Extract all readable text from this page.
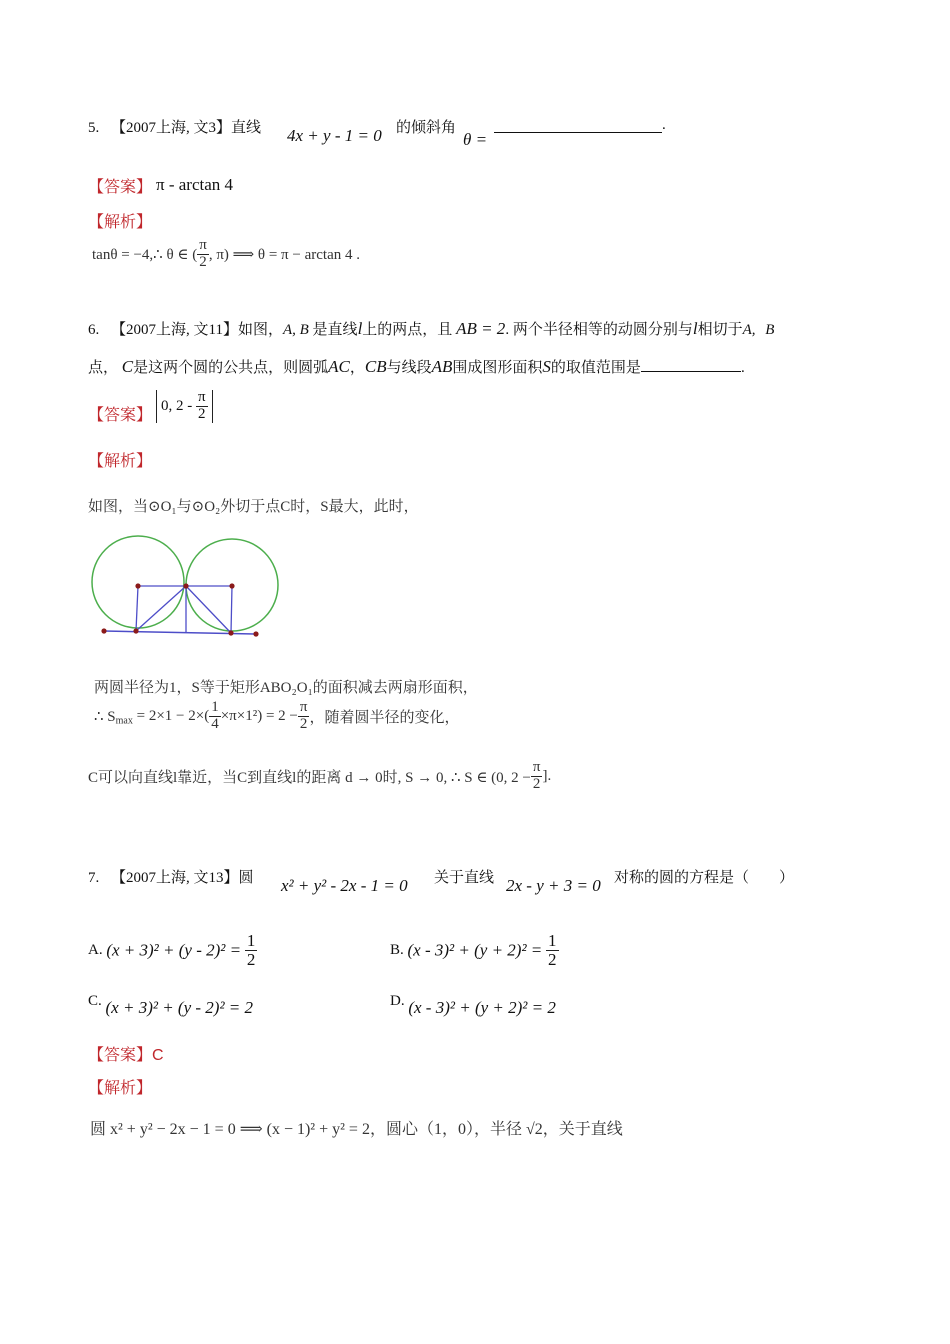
5. 【2007上海, 文3】直线 4x + y - 1 = 0 的倾斜角
θ =
.
【答案】 π - arctan 4
【解析】
tanθ = −4,∴ θ ∈ ( $\frac{\pi}{2}$ , π) ⟹ θ = π − arctan 4 .
6. 【2007上海, 文11】如图，A, B 是直线l上的两点，且 AB = 2. 两个半径相等的动圆分别与l相切于A, B
点， C是这两个圆的公共点，则圆弧AC，CB与线段AB围成图形面积S的取值范围是	.
【答案】
0, $2 - \frac{\pi}{2}$
【解析】
如图，当⊙O₁与⊙O₂外切于点C时，S最大，此时，
两圆半径为1，S等于矩形ABO₂O₁的面积减去两扇形面积，
∴ $S_{max} = 2\times 1 - 2\times( \frac{1}{4} \times\pi\times 1^2) = 2 - \frac{\pi}{2}$ ，随着圆半径的变化，
C可以向直线l靠近，当C到直线l的距离 d → 0时, S → 0, ∴ S ∈ (0, $2 - \frac{\pi}{2}$ ].
7. 【2007上海, 文13】圆 x² + y² - 2x - 1 = 0 关于直线 2x - y + 3 = 0 对称的圆的方程是（　　）
A. $(x + 3)^2 + (y - 2)^2 = \frac{1}{2}$	B. $(x - 3)^2 + (y + 2)^2 = \frac{1}{2}$
C. (x + 3)² + (y - 2)² = 2	D. (x - 3)² + (y + 2)² = 2
【答案】C
【解析】
圆 x² + y² − 2x − 1 = 0 ⟹ (x − 1)² + y² = 2，圆心（1，0），半径 √2，关于直线
